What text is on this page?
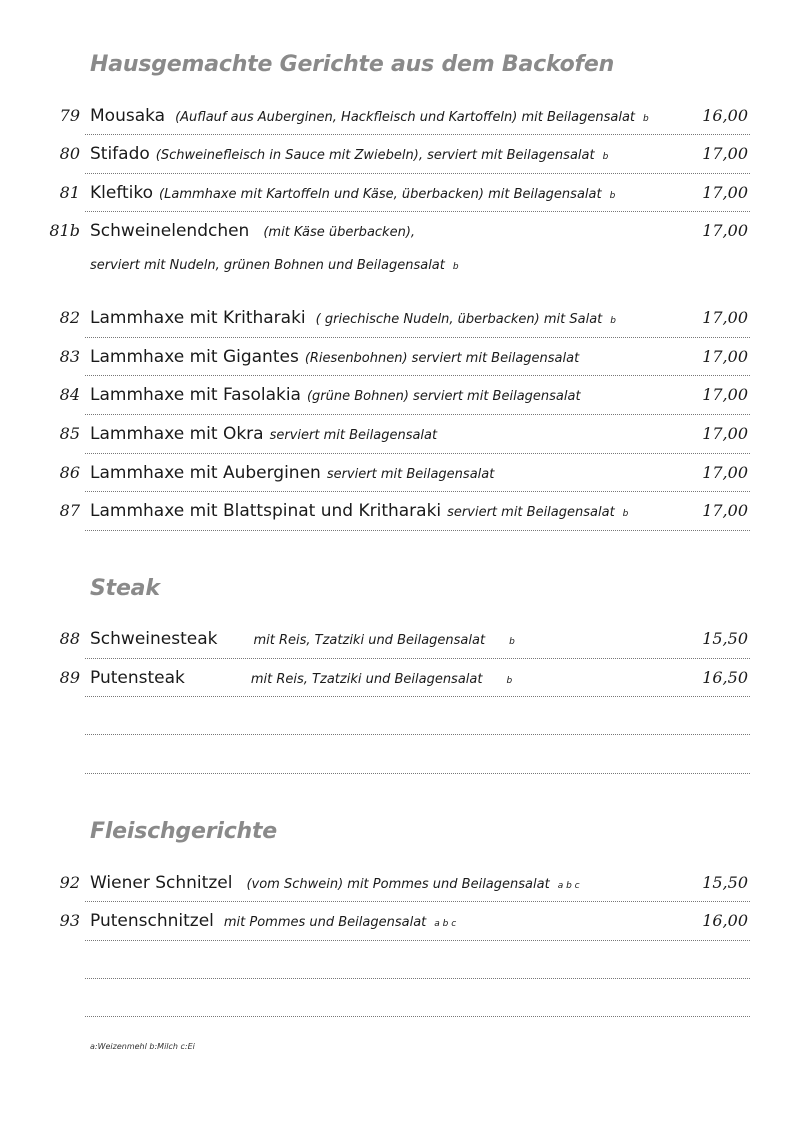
Hausgemachte Gerichte aus dem Backofen
79 Mousaka (Auflauf aus Auberginen, Hackfleisch und Kartoffeln) mit Beilagensalat b	16,00
80 Stifado (Schweinefleisch in Sauce mit Zwiebeln), serviert mit Beilagensalat b	17,00
81 Kleftiko (Lammhaxe mit Kartoffeln und Käse, überbacken) mit Beilagensalat b	17,00
81b Schweinelendchen (mit Käse überbacken),	17,00
serviert mit Nudeln, grünen Bohnen und Beilagensalat b
82 Lammhaxe mit Kritharaki ( griechische Nudeln, überbacken) mit Salat b	17,00
83 Lammhaxe mit Gigantes (Riesenbohnen) serviert mit Beilagensalat	17,00
84 Lammhaxe mit Fasolakia (grüne Bohnen) serviert mit Beilagensalat	17,00
85 Lammhaxe mit Okra serviert mit Beilagensalat	17,00
86 Lammhaxe mit Auberginen serviert mit Beilagensalat	17,00
87 Lammhaxe mit Blattspinat und Kritharaki serviert mit Beilagensalat b	17,00
Steak
88 Schweinesteak	mit Reis, Tzatziki und Beilagensalat	b	15,50
89 Putensteak	mit Reis, Tzatziki und Beilagensalat	b	16,50
Fleischgerichte
92 Wiener Schnitzel (vom Schwein) mit Pommes und Beilagensalat a b c	15,50
93 Putenschnitzel mit Pommes und Beilagensalat a b c	16,00
a:Weizenmehl b:Milch c:Ei
